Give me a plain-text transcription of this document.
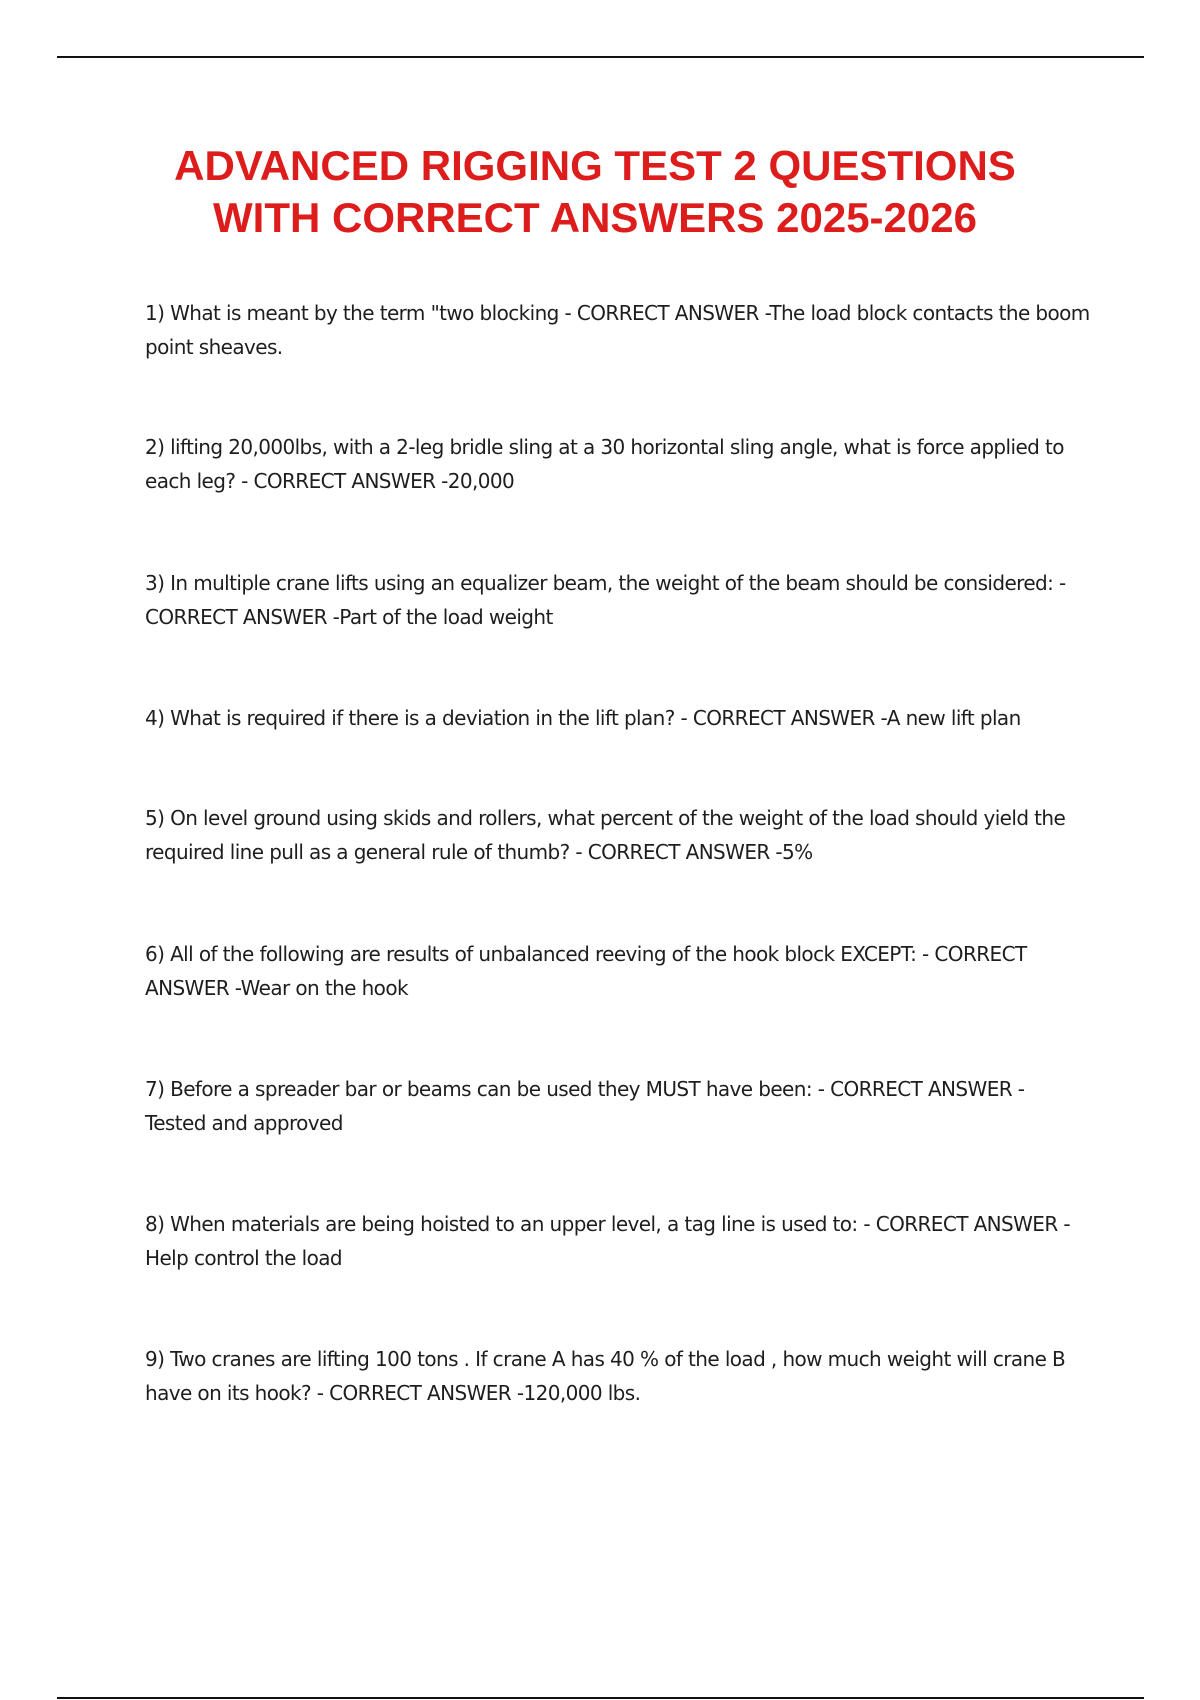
ADVANCED RIGGING TEST 2 QUESTIONS
WITH CORRECT ANSWERS 2025-2026
1) What is meant by the term "two blocking - CORRECT ANSWER -The load block contacts the boom point sheaves.
2) lifting 20,000lbs, with a 2-leg bridle sling at a 30 horizontal sling angle, what is force applied to each leg? - CORRECT ANSWER -20,000
3) In multiple crane lifts using an equalizer beam, the weight of the beam should be considered: - CORRECT ANSWER -Part of the load weight
4) What is required if there is a deviation in the lift plan? - CORRECT ANSWER -A new lift plan
5) On level ground using skids and rollers, what percent of the weight of the load should yield the required line pull as a general rule of thumb? - CORRECT ANSWER -5%
6) All of the following are results of unbalanced reeving of the hook block EXCEPT: - CORRECT ANSWER -Wear on the hook
7) Before a spreader bar or beams can be used they MUST have been: - CORRECT ANSWER - Tested and approved
8) When materials are being hoisted to an upper level, a tag line is used to: - CORRECT ANSWER -Help control the load
9) Two cranes are lifting 100 tons . If crane A has 40 % of the load , how much weight will crane B have on its hook? - CORRECT ANSWER -120,000 lbs.
